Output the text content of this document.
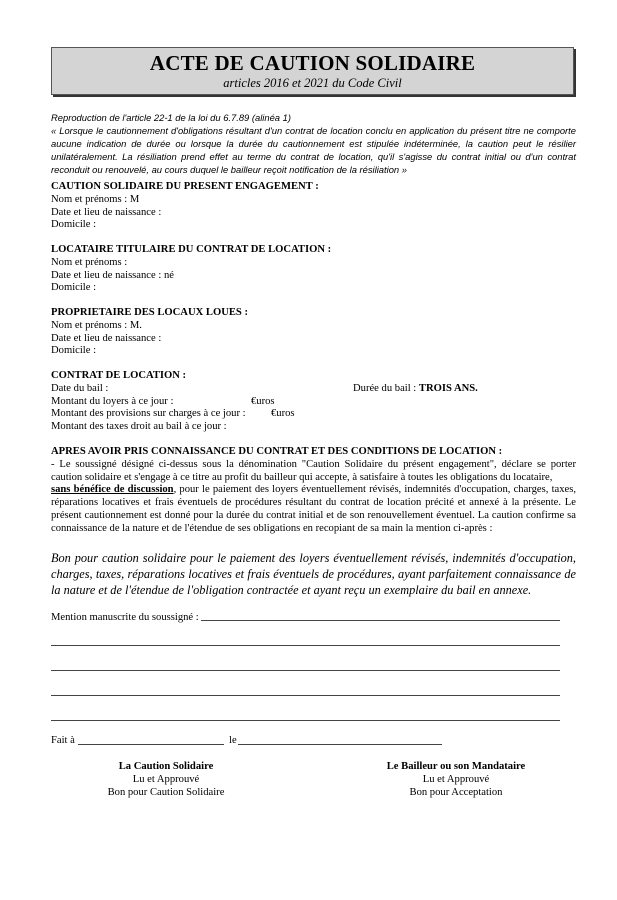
ACTE DE CAUTION SOLIDAIRE
articles 2016 et 2021 du Code Civil
Reproduction de l'article 22-1 de la loi du 6.7.89 (alinéa 1)
« Lorsque le cautionnement d'obligations résultant d'un contrat de location conclu en application du présent titre ne comporte aucune indication de durée ou lorsque la durée du cautionnement est stipulée indéterminée, la caution peut le résilier unilatéralement. La résiliation prend effet au terme du contrat de location, qu'il s'agisse du contrat initial ou d'un contrat reconduit ou renouvelé, au cours duquel le bailleur reçoit notification de la résiliation »
CAUTION SOLIDAIRE DU PRESENT ENGAGEMENT :
Nom et prénoms : M
Date et lieu de naissance :
Domicile :
LOCATAIRE TITULAIRE DU CONTRAT DE LOCATION :
Nom et prénoms :
Date et lieu de naissance : né
Domicile :
PROPRIETAIRE DES LOCAUX LOUES :
Nom et prénoms : M.
Date et lieu de naissance :
Domicile :
CONTRAT DE LOCATION :
Date du bail :	Durée du bail : TROIS ANS.
Montant du loyers à ce jour :	€uros
Montant des provisions sur charges à ce jour : €uros
Montant des taxes droit au bail à ce jour :
APRES AVOIR PRIS CONNAISSANCE DU CONTRAT ET DES CONDITIONS DE LOCATION :
- Le soussigné désigné ci-dessus sous la dénomination "Caution Solidaire du présent engagement", déclare se porter caution solidaire et s'engage à ce titre au profit du bailleur qui accepte, à satisfaire à toutes les obligations du locataire,
sans bénéfice de discussion, pour le paiement des loyers éventuellement révisés, indemnités d'occupation, charges, taxes, réparations locatives et frais éventuels de procédures résultant du contrat de location précité et annexé à la présente. Le présent cautionnement est donné pour la durée du contrat initial et de son renouvellement éventuel. La caution confirme sa connaissance de la nature et de l'étendue de ses obligations en recopiant de sa main la mention ci-après :
Bon pour caution solidaire pour le paiement des loyers éventuellement révisés, indemnités d'occupation, charges, taxes, réparations locatives et frais éventuels de procédures, ayant parfaitement connaissance de la nature et de l'étendue de l'obligation contractée et ayant reçu un exemplaire du bail en annexe.
Mention manuscrite du soussigné :
Fait à	le
La Caution Solidaire
Lu et Approuvé
Bon pour Caution Solidaire
Le Bailleur ou son Mandataire
Lu et Approuvé
Bon pour Acceptation
